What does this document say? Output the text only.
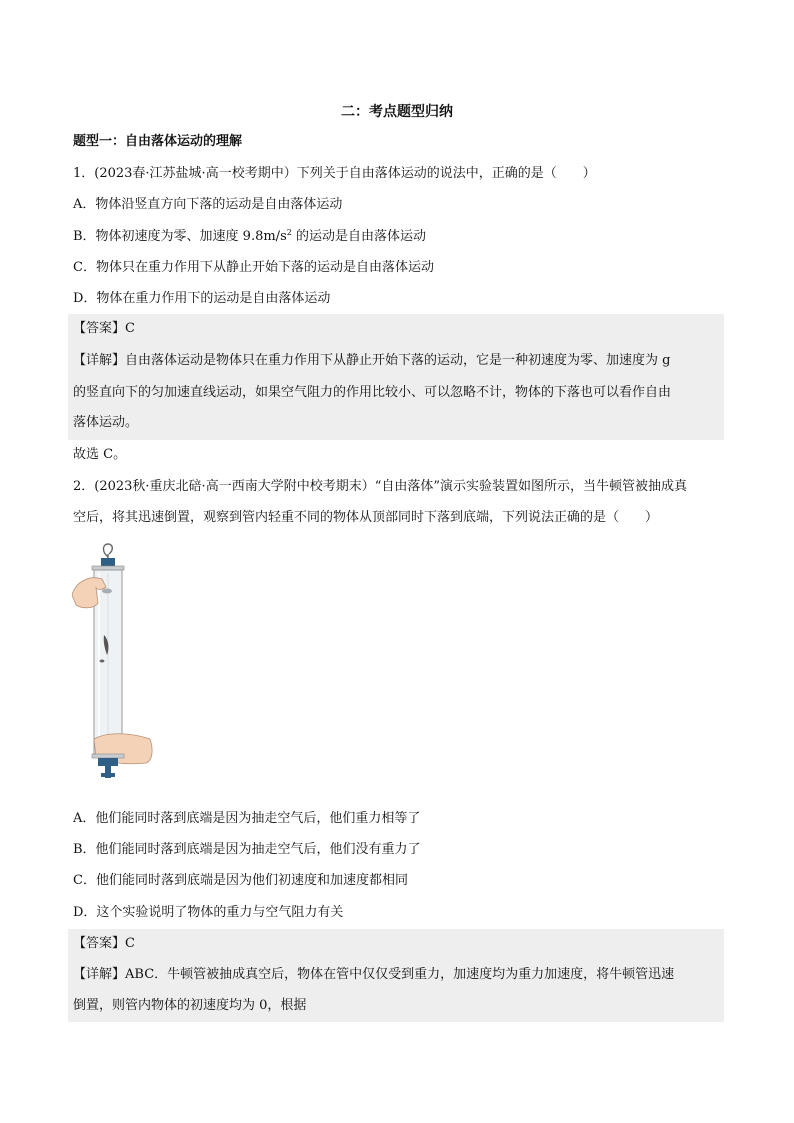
二：考点题型归纳
题型一：自由落体运动的理解
1．(2023春·江苏盐城·高一校考期中）下列关于自由落体运动的说法中，正确的是（　　）
A．物体沿竖直方向下落的运动是自由落体运动
B．物体初速度为零、加速度 $9.8m/s^2$ 的运动是自由落体运动
C．物体只在重力作用下从静止开始下落的运动是自由落体运动
D．物体在重力作用下的运动是自由落体运动
【答案】C
【详解】自由落体运动是物体只在重力作用下从静止开始下落的运动，它是一种初速度为零、加速度为 g
的竖直向下的匀加速直线运动，如果空气阻力的作用比较小、可以忽略不计，物体的下落也可以看作自由
落体运动。
故选 C。
2．(2023秋·重庆北碚·高一西南大学附中校考期末）“自由落体”演示实验装置如图所示，当牛顿管被抽成真
空后，将其迅速倒置，观察到管内轻重不同的物体从顶部同时下落到底端，下列说法正确的是（　　）
A．他们能同时落到底端是因为抽走空气后，他们重力相等了
B．他们能同时落到底端是因为抽走空气后，他们没有重力了
C．他们能同时落到底端是因为他们初速度和加速度都相同
D．这个实验说明了物体的重力与空气阻力有关
【答案】C
【详解】ABC．牛顿管被抽成真空后，物体在管中仅仅受到重力，加速度均为重力加速度，将牛顿管迅速
倒置，则管内物体的初速度均为 0，根据
